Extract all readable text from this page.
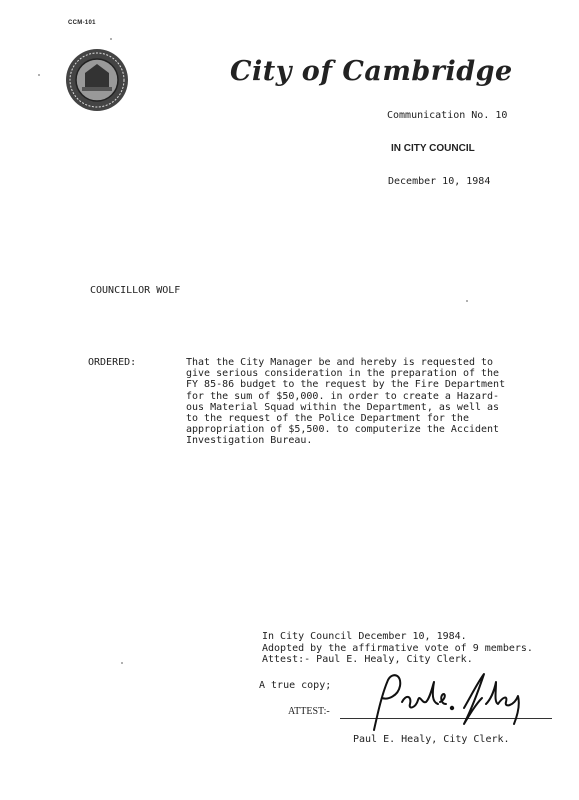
CCM-101
City of Cambridge
Communication No. 10
IN CITY COUNCIL
December 10, 1984
COUNCILLOR WOLF
ORDERED:	That the City Manager be and hereby is requested to
give serious consideration in the preparation of the
FY 85-86 budget to the request by the Fire Department
for the sum of $50,000. in order to create a Hazard-
ous Material Squad within the Department, as well as
to the request of the Police Department for the
appropriation of $5,500. to computerize the Accident
Investigation Bureau.
In City Council December 10, 1984.
Adopted by the affirmative vote of 9 members.
Attest:- Paul E. Healy, City Clerk.
A true copy;
ATTEST:-
Paul E. Healy, City Clerk.
